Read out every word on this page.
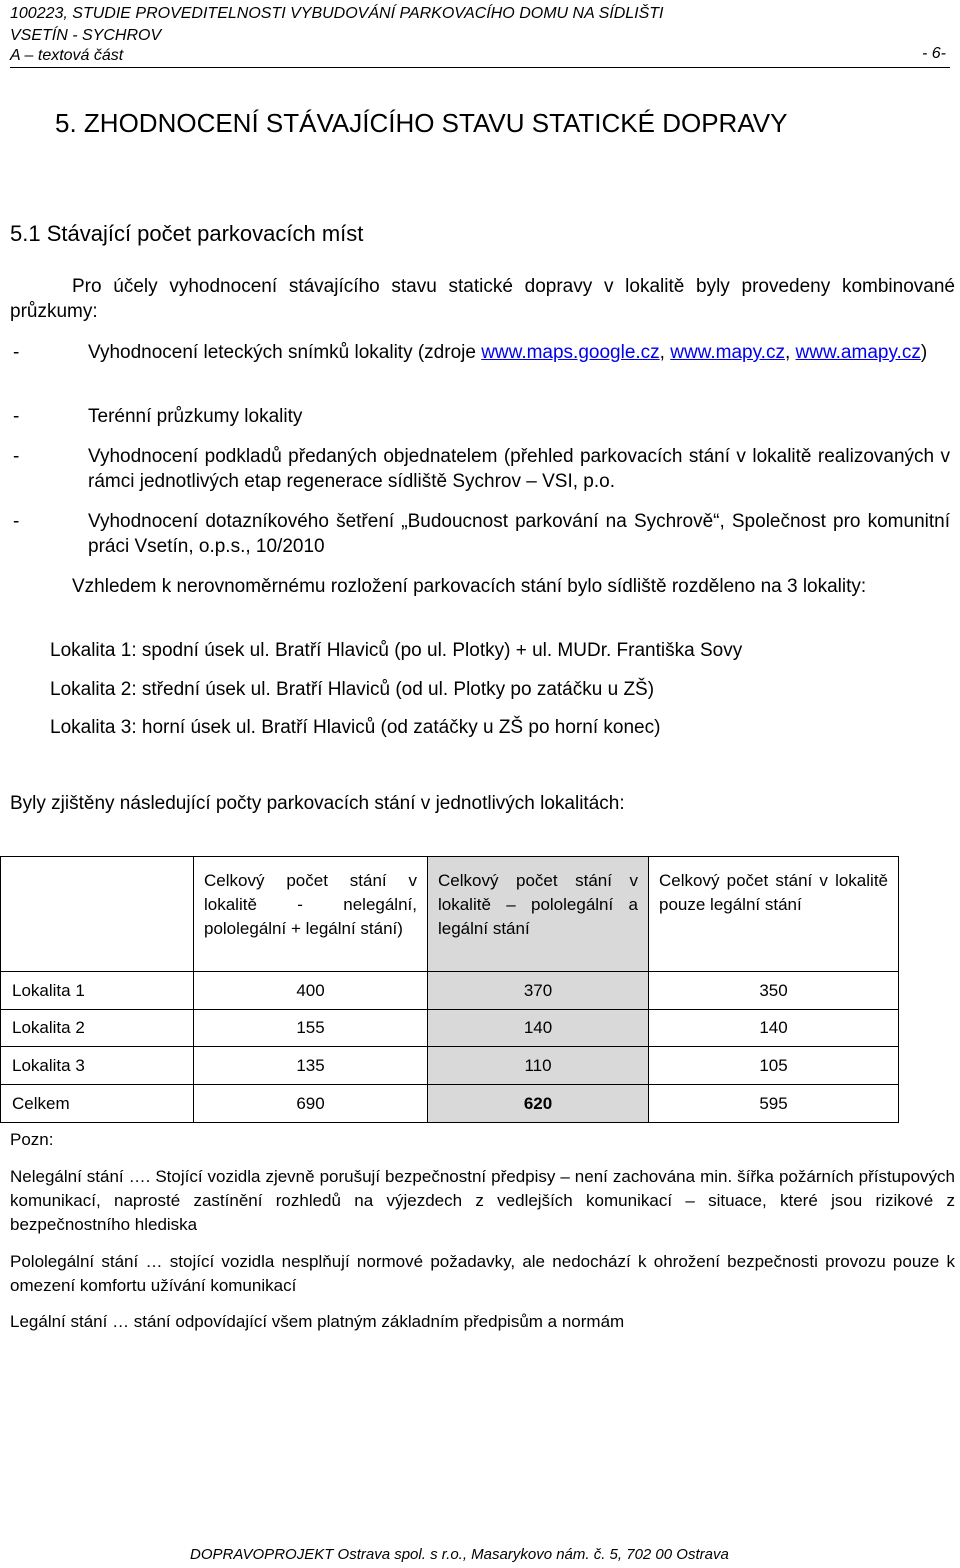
100223, STUDIE PROVEDITELNOSTI VYBUDOVÁNÍ PARKOVACÍHO DOMU NA SÍDLIŠTI
VSETÍN - SYCHROV
A – textová část	- 6-
5. ZHODNOCENÍ STÁVAJÍCÍHO STAVU STATICKÉ DOPRAVY
5.1 Stávající počet parkovacích míst
Pro účely vyhodnocení stávajícího stavu statické dopravy v lokalitě byly provedeny kombinované průzkumy:
-	Vyhodnocení leteckých snímků lokality (zdroje www.maps.google.cz, www.mapy.cz, www.amapy.cz)
-	Terénní průzkumy lokality
-	Vyhodnocení podkladů předaných objednatelem (přehled parkovacích stání v lokalitě realizovaných v rámci jednotlivých etap regenerace sídliště Sychrov – VSI, p.o.
-	Vyhodnocení dotazníkového šetření „Budoucnost parkování na Sychrově“, Společnost pro komunitní práci Vsetín, o.p.s., 10/2010
Vzhledem k nerovnoměrnému rozložení parkovacích stání bylo sídliště rozděleno na 3 lokality:
Lokalita 1: spodní úsek ul. Bratří Hlaviců (po ul. Plotky) + ul. MUDr. Františka Sovy
Lokalita 2: střední úsek ul. Bratří Hlaviců (od ul. Plotky po zatáčku u ZŠ)
Lokalita 3: horní úsek ul. Bratří Hlaviců (od zatáčky u ZŠ po horní konec)
Byly zjištěny následující počty parkovacích stání v jednotlivých lokalitách:
	Celkový počet stání v lokalitě - nelegální, pololegální + legální stání)	Celkový počet stání v lokalitě – pololegální a legální stání	Celkový počet stání v lokalitě pouze legální stání
Lokalita 1	400	370	350
Lokalita 2	155	140	140
Lokalita 3	135	110	105
Celkem	690	620	595
Pozn:
Nelegální stání …. Stojící vozidla zjevně porušují bezpečnostní předpisy – není zachována min. šířka požárních přístupových komunikací, naprosté zastínění rozhledů na výjezdech z vedlejších komunikací – situace, které jsou rizikové z bezpečnostního hlediska
Pololegální stání … stojící vozidla nesplňují normové požadavky, ale nedochází k ohrožení bezpečnosti provozu pouze k omezení komfortu užívání komunikací
Legální stání … stání odpovídající všem platným základním předpisům a normám
DOPRAVOPROJEKT Ostrava spol. s r.o., Masarykovo nám. č. 5, 702 00 Ostrava
